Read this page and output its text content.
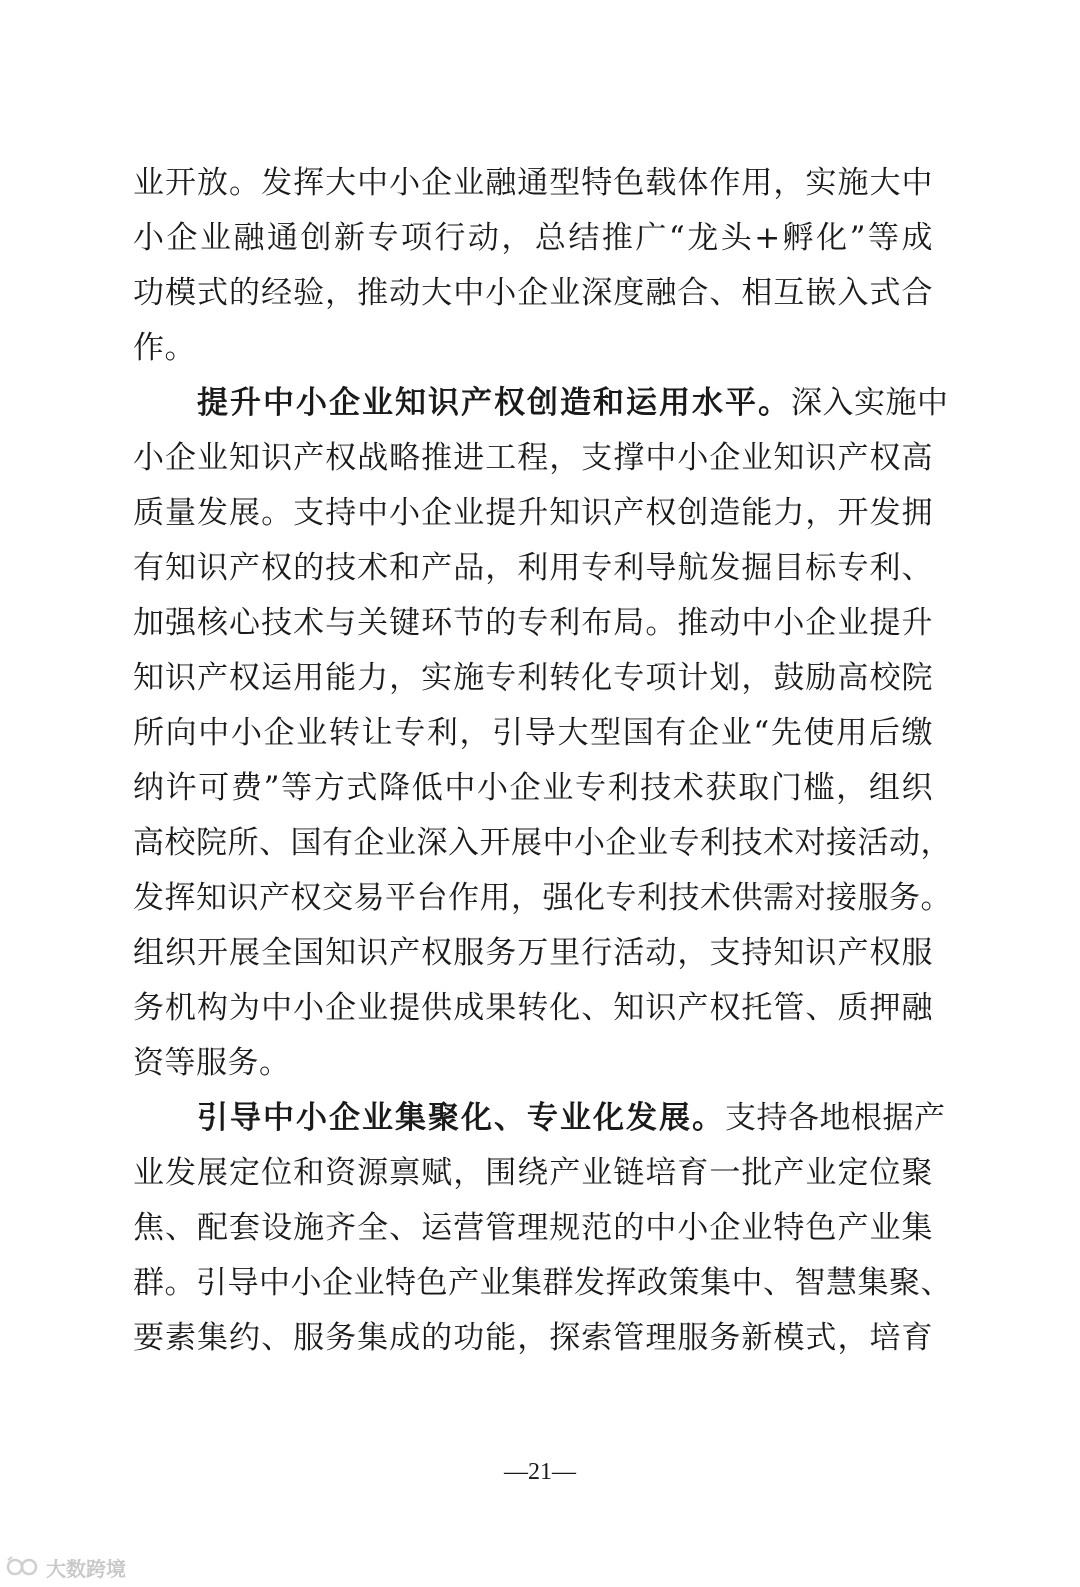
业开放。发挥大中小企业融通型特色载体作用，实施大中
小企业融通创新专项行动，总结推广“龙头+孵化”等成
功模式的经验，推动大中小企业深度融合、相互嵌入式合
作。
提升中小企业知识产权创造和运用水平。深入实施中
小企业知识产权战略推进工程，支撑中小企业知识产权高
质量发展。支持中小企业提升知识产权创造能力，开发拥
有知识产权的技术和产品，利用专利导航发掘目标专利、
加强核心技术与关键环节的专利布局。推动中小企业提升
知识产权运用能力，实施专利转化专项计划，鼓励高校院
所向中小企业转让专利，引导大型国有企业“先使用后缴
纳许可费”等方式降低中小企业专利技术获取门槛，组织
高校院所、国有企业深入开展中小企业专利技术对接活动，
发挥知识产权交易平台作用，强化专利技术供需对接服务。
组织开展全国知识产权服务万里行活动，支持知识产权服
务机构为中小企业提供成果转化、知识产权托管、质押融
资等服务。
引导中小企业集聚化、专业化发展。支持各地根据产
业发展定位和资源禀赋，围绕产业链培育一批产业定位聚
焦、配套设施齐全、运营管理规范的中小企业特色产业集
群。引导中小企业特色产业集群发挥政策集中、智慧集聚、
要素集约、服务集成的功能，探索管理服务新模式，培育
—21—
大数跨境
